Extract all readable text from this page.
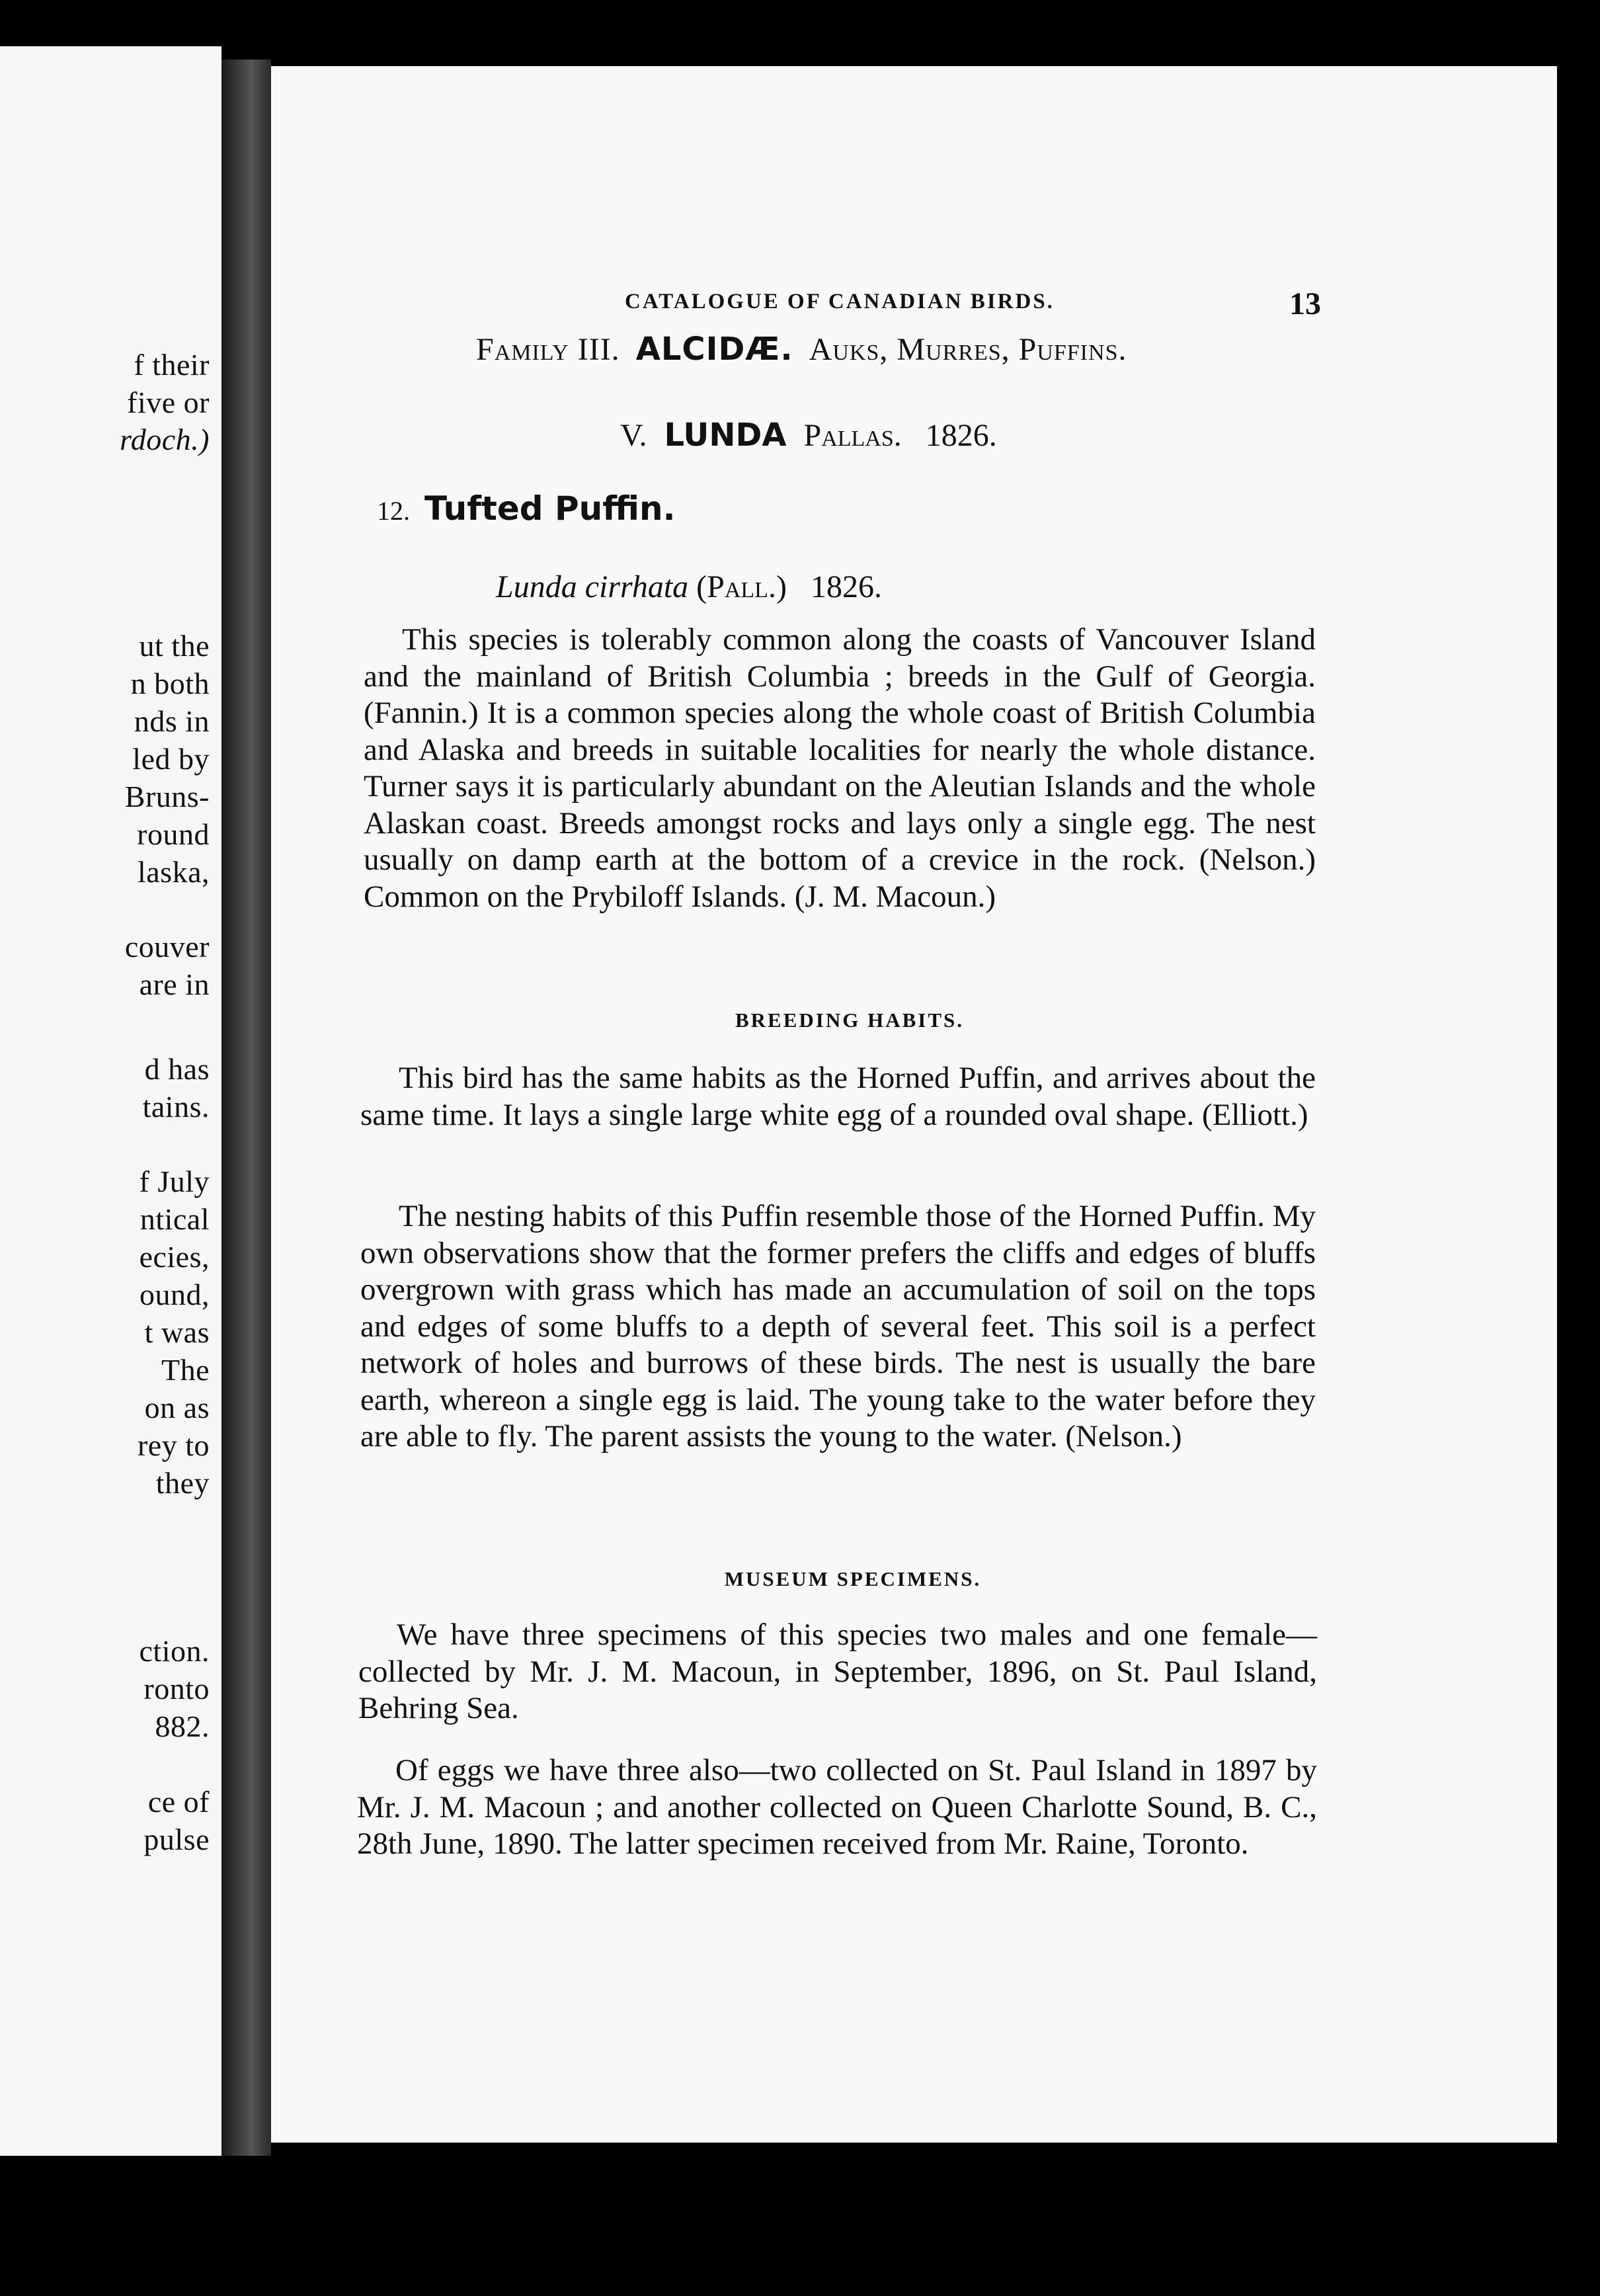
f their
five or
rdoch.)
ut the
n both
nds in
led by
Bruns-
round
laska,
couver
are in
d has
tains.
f July
ntical
ecies,
ound,
t was
The
on as
rey to
they
ction.
ronto
882.
ce of
pulse
CATALOGUE OF CANADIAN BIRDS.	13
Family III. ALCIDÆ. Auks, Murres, Puffins.
V. LUNDA Pallas. 1826.
12. Tufted Puffin.
Lunda cirrhata (Pall.) 1826.
This species is tolerably common along the coasts of Vancouver Island and the mainland of British Columbia ; breeds in the Gulf of Georgia. (Fannin.) It is a common species along the whole coast of British Columbia and Alaska and breeds in suitable localities for nearly the whole distance. Turner says it is particularly abundant on the Aleutian Islands and the whole Alaskan coast. Breeds amongst rocks and lays only a single egg. The nest usually on damp earth at the bottom of a crevice in the rock. (Nelson.) Common on the Prybiloff Islands. (J. M. Macoun.)
BREEDING HABITS.
This bird has the same habits as the Horned Puffin, and arrives about the same time. It lays a single large white egg of a rounded oval shape. (Elliott.)
The nesting habits of this Puffin resemble those of the Horned Puffin. My own observations show that the former prefers the cliffs and edges of bluffs overgrown with grass which has made an accumulation of soil on the tops and edges of some bluffs to a depth of several feet. This soil is a perfect network of holes and burrows of these birds. The nest is usually the bare earth, whereon a single egg is laid. The young take to the water before they are able to fly. The parent assists the young to the water. (Nelson.)
MUSEUM SPECIMENS.
We have three specimens of this species two males and one female—collected by Mr. J. M. Macoun, in September, 1896, on St. Paul Island, Behring Sea.
Of eggs we have three also—two collected on St. Paul Island in 1897 by Mr. J. M. Macoun ; and another collected on Queen Charlotte Sound, B. C., 28th June, 1890. The latter specimen received from Mr. Raine, Toronto.
